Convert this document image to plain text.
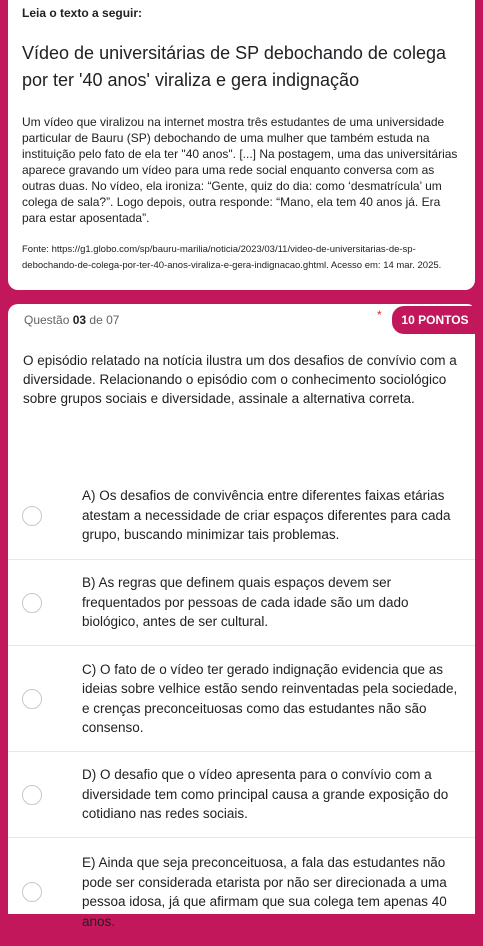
Leia o texto a seguir:
Vídeo de universitárias de SP debochando de colega por ter '40 anos' viraliza e gera indignação
Um vídeo que viralizou na internet mostra três estudantes de uma universidade particular de Bauru (SP) debochando de uma mulher que também estuda na instituição pelo fato de ela ter "40 anos". [...] Na postagem, uma das universitárias aparece gravando um vídeo para uma rede social enquanto conversa com as outras duas. No vídeo, ela ironiza: “Gente, quiz do dia: como ‘desmatrícula’ um colega de sala?”. Logo depois, outra responde: “Mano, ela tem 40 anos já. Era para estar aposentada”.
Fonte: https://g1.globo.com/sp/bauru-marilia/noticia/2023/03/11/video-de-universitarias-de-sp-debochando-de-colega-por-ter-40-anos-viraliza-e-gera-indignacao.ghtml. Acesso em: 14 mar. 2025.
Questão 03 de 07	*	10 PONTOS
O episódio relatado na notícia ilustra um dos desafios de convívio com a diversidade. Relacionando o episódio com o conhecimento sociológico sobre grupos sociais e diversidade, assinale a alternativa correta.
A) Os desafios de convivência entre diferentes faixas etárias atestam a necessidade de criar espaços diferentes para cada grupo, buscando minimizar tais problemas.
B) As regras que definem quais espaços devem ser frequentados por pessoas de cada idade são um dado biológico, antes de ser cultural.
C) O fato de o vídeo ter gerado indignação evidencia que as ideias sobre velhice estão sendo reinventadas pela sociedade, e crenças preconceituosas como das estudantes não são consenso.
D) O desafio que o vídeo apresenta para o convívio com a diversidade tem como principal causa a grande exposição do cotidiano nas redes sociais.
E) Ainda que seja preconceituosa, a fala das estudantes não pode ser considerada etarista por não ser direcionada a uma pessoa idosa, já que afirmam que sua colega tem apenas 40 anos.
